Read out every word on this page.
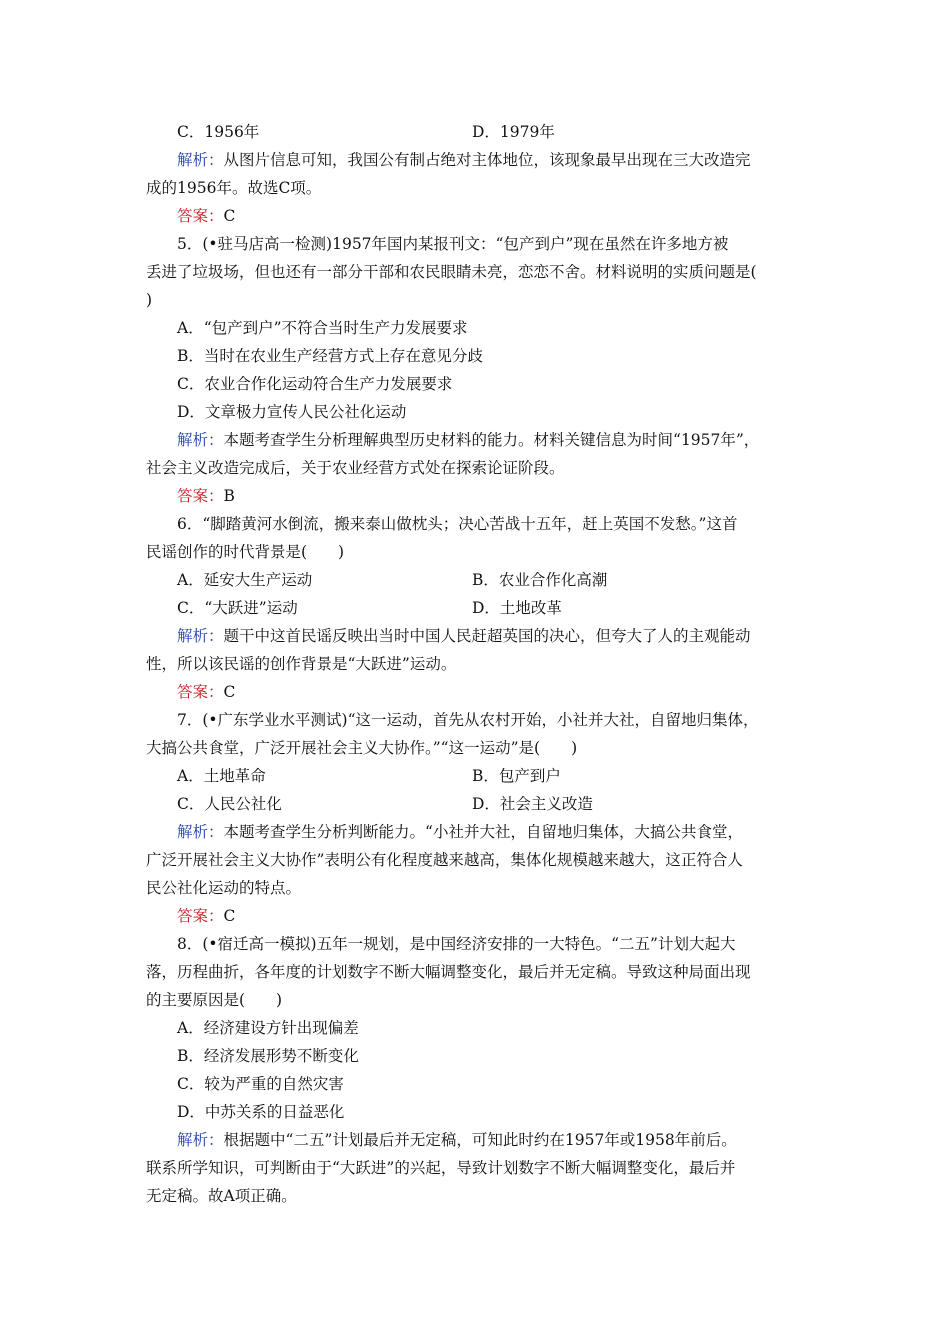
C．1956年	D．1979年
解析：从图片信息可知，我国公有制占绝对主体地位，该现象最早出现在三大改造完
成的1956年。故选C项。
答案：C
5．(•驻马店高一检测)1957年国内某报刊文：“包产到户”现在虽然在许多地方被
丢进了垃圾场，但也还有一部分干部和农民眼睛未亮，恋恋不舍。材料说明的实质问题是(
)
A．“包产到户”不符合当时生产力发展要求
B．当时在农业生产经营方式上存在意见分歧
C．农业合作化运动符合生产力发展要求
D．文章极力宣传人民公社化运动
解析：本题考查学生分析理解典型历史材料的能力。材料关键信息为时间“1957年”，
社会主义改造完成后，关于农业经营方式处在探索论证阶段。
答案：B
6．“脚踏黄河水倒流，搬来泰山做枕头；决心苦战十五年，赶上英国不发愁。”这首
民谣创作的时代背景是(　　)
A．延安大生产运动	B．农业合作化高潮
C．“大跃进”运动	D．土地改革
解析：题干中这首民谣反映出当时中国人民赶超英国的决心，但夸大了人的主观能动
性，所以该民谣的创作背景是“大跃进”运动。
答案：C
7．(•广东学业水平测试)“这一运动，首先从农村开始，小社并大社，自留地归集体，
大搞公共食堂，广泛开展社会主义大协作。”“这一运动”是(　　)
A．土地革命	B．包产到户
C．人民公社化	D．社会主义改造
解析：本题考查学生分析判断能力。“小社并大社，自留地归集体，大搞公共食堂，
广泛开展社会主义大协作”表明公有化程度越来越高，集体化规模越来越大，这正符合人
民公社化运动的特点。
答案：C
8．(•宿迁高一模拟)五年一规划，是中国经济安排的一大特色。“二五”计划大起大
落，历程曲折，各年度的计划数字不断大幅调整变化，最后并无定稿。导致这种局面出现
的主要原因是(　　)
A．经济建设方针出现偏差
B．经济发展形势不断变化
C．较为严重的自然灾害
D．中苏关系的日益恶化
解析：根据题中“二五”计划最后并无定稿，可知此时约在1957年或1958年前后。
联系所学知识，可判断由于“大跃进”的兴起，导致计划数字不断大幅调整变化，最后并
无定稿。故A项正确。
